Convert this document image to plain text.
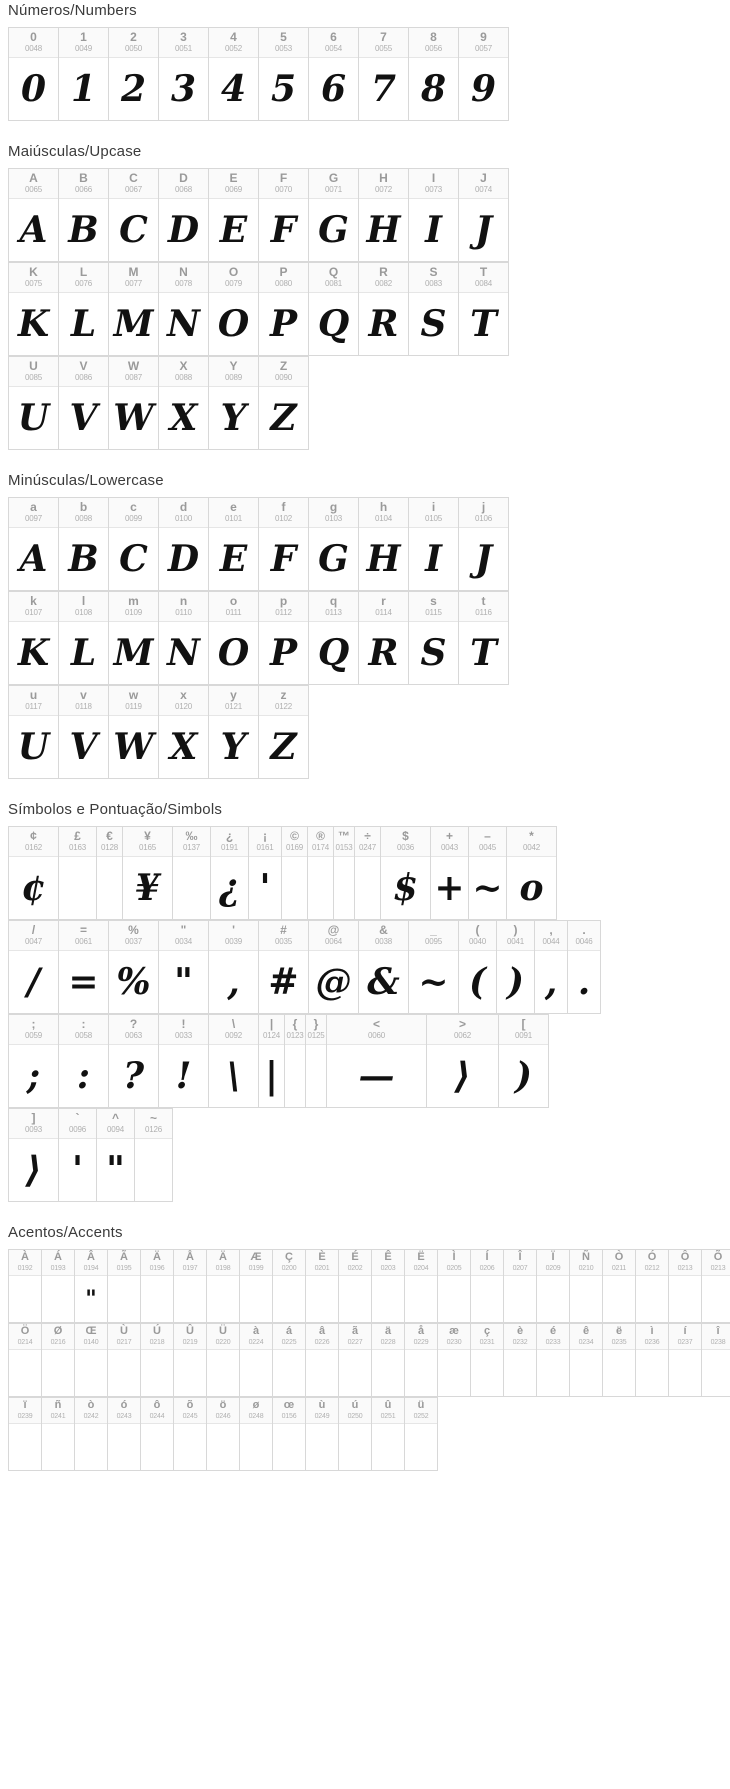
Números/Numbers
0
0048
0
1
0049
1
2
0050
2
3
0051
3
4
0052
4
5
0053
5
6
0054
6
7
0055
7
8
0056
8
9
0057
9
Maiúsculas/Upcase
A
0065
A
B
0066
B
C
0067
C
D
0068
D
E
0069
E
F
0070
F
G
0071
G
H
0072
H
I
0073
I
J
0074
J
K
0075
K
L
0076
L
M
0077
M
N
0078
N
O
0079
O
P
0080
P
Q
0081
Q
R
0082
R
S
0083
S
T
0084
T
U
0085
U
V
0086
V
W
0087
W
X
0088
X
Y
0089
Y
Z
0090
Z
Minúsculas/Lowercase
a
0097
A
b
0098
B
c
0099
C
d
0100
D
e
0101
E
f
0102
F
g
0103
G
h
0104
H
i
0105
I
j
0106
J
k
0107
K
l
0108
L
m
0109
M
n
0110
N
o
0111
O
p
0112
P
q
0113
Q
r
0114
R
s
0115
S
t
0116
T
u
0117
U
v
0118
V
w
0119
W
x
0120
X
y
0121
Y
z
0122
Z
Símbolos e Pontuação/Simbols
¢
0162
¢
£
0163
€
0128
¥
0165
¥
‰
0137
¿
0191
¿
¡
0161
'
©
0169
®
0174
™
0153
÷
0247
$
0036
$
+
0043
+
–
0045
~
*
0042
o
/
0047
/
=
0061
=
%
0037
%
"
0034
"
'
0039
,
#
0035
#
@
0064
@
&
0038
&
_
0095
~
(
0040
(
)
0041
)
,
0044
,
.
0046
.
;
0059
;
:
0058
:
?
0063
?
!
0033
!
\
0092
\
|
0124
|
{
0123
}
0125
<
0060
—
>
0062
⟩
[
0091
)
]
0093
⟩
`
0096
'
^
0094
"
~
0126
Acentos/Accents
À
0192
Á
0193
Â
0194
"
Ã
0195
Ä
0196
Å
0197
Ä
0198
Æ
0199
Ç
0200
È
0201
É
0202
Ê
0203
Ë
0204
Ì
0205
Í
0206
Î
0207
Ï
0209
Ñ
0210
Ò
0211
Ó
0212
Ô
0213
Õ
0213
Ö
0214
Ø
0216
Œ
0140
Ù
0217
Ú
0218
Û
0219
Ü
0220
à
0224
á
0225
â
0226
ã
0227
ä
0228
å
0229
æ
0230
ç
0231
è
0232
é
0233
ê
0234
ë
0235
ì
0236
í
0237
î
0238
ï
0239
ñ
0241
ò
0242
ó
0243
ô
0244
õ
0245
ö
0246
ø
0248
œ
0156
ù
0249
ú
0250
û
0251
ü
0252
